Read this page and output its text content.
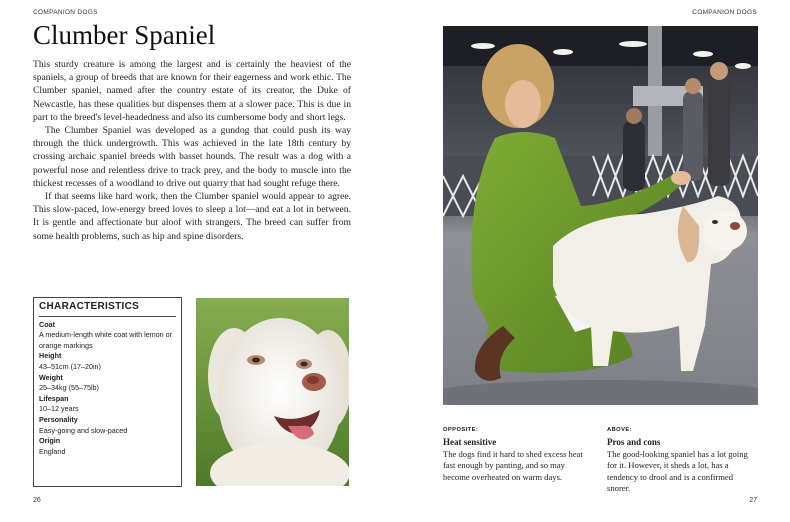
COMPANION DOGS
Clumber Spaniel

This sturdy creature is among the largest and is certainly the heaviest of the spaniels, a group of breeds that are known for their eagerness and work ethic. The Clumber spaniel, named after the country estate of its creator, the Duke of Newcastle, has these qualities but dispenses them at a slower pace. This is due in part to the breed's level-headedness and also its cumbersome body and short legs.

The Clumber Spaniel was developed as a gundog that could push its way through the thick undergrowth. This was achieved in the late 18th century by crossing archaic spaniel breeds with basset hounds. The result was a dog with a powerful nose and relentless drive to track prey, and the body to muscle into the thickest recesses of a woodland to drive out quarry that had sought refuge there.

If that seems like hard work, then the Clumber spaniel would appear to agree. This slow-paced, low-energy breed loves to sleep a lot—and eat a lot in between. It is gentle and affectionate but aloof with strangers. The breed can suffer from some health problems, such as hip and spine disorders.

CHARACTERISTICS
Coat
A medium-length white coat with lemon or orange markings
Height
43–51cm (17–20in)
Weight
25–34kg (55–75lb)
Lifespan
10–12 years
Personality
Easy-going and slow-paced
Origin
England
26
COMPANION DOGS
OPPOSITE:
Heat sensitive
The dogs find it hard to shed excess heat fast enough by panting, and so may become overheated on warm days.
ABOVE:
Pros and cons
The good-looking spaniel has a lot going for it. However, it sheds a lot, has a tendency to drool and is a confirmed snorer.
27
